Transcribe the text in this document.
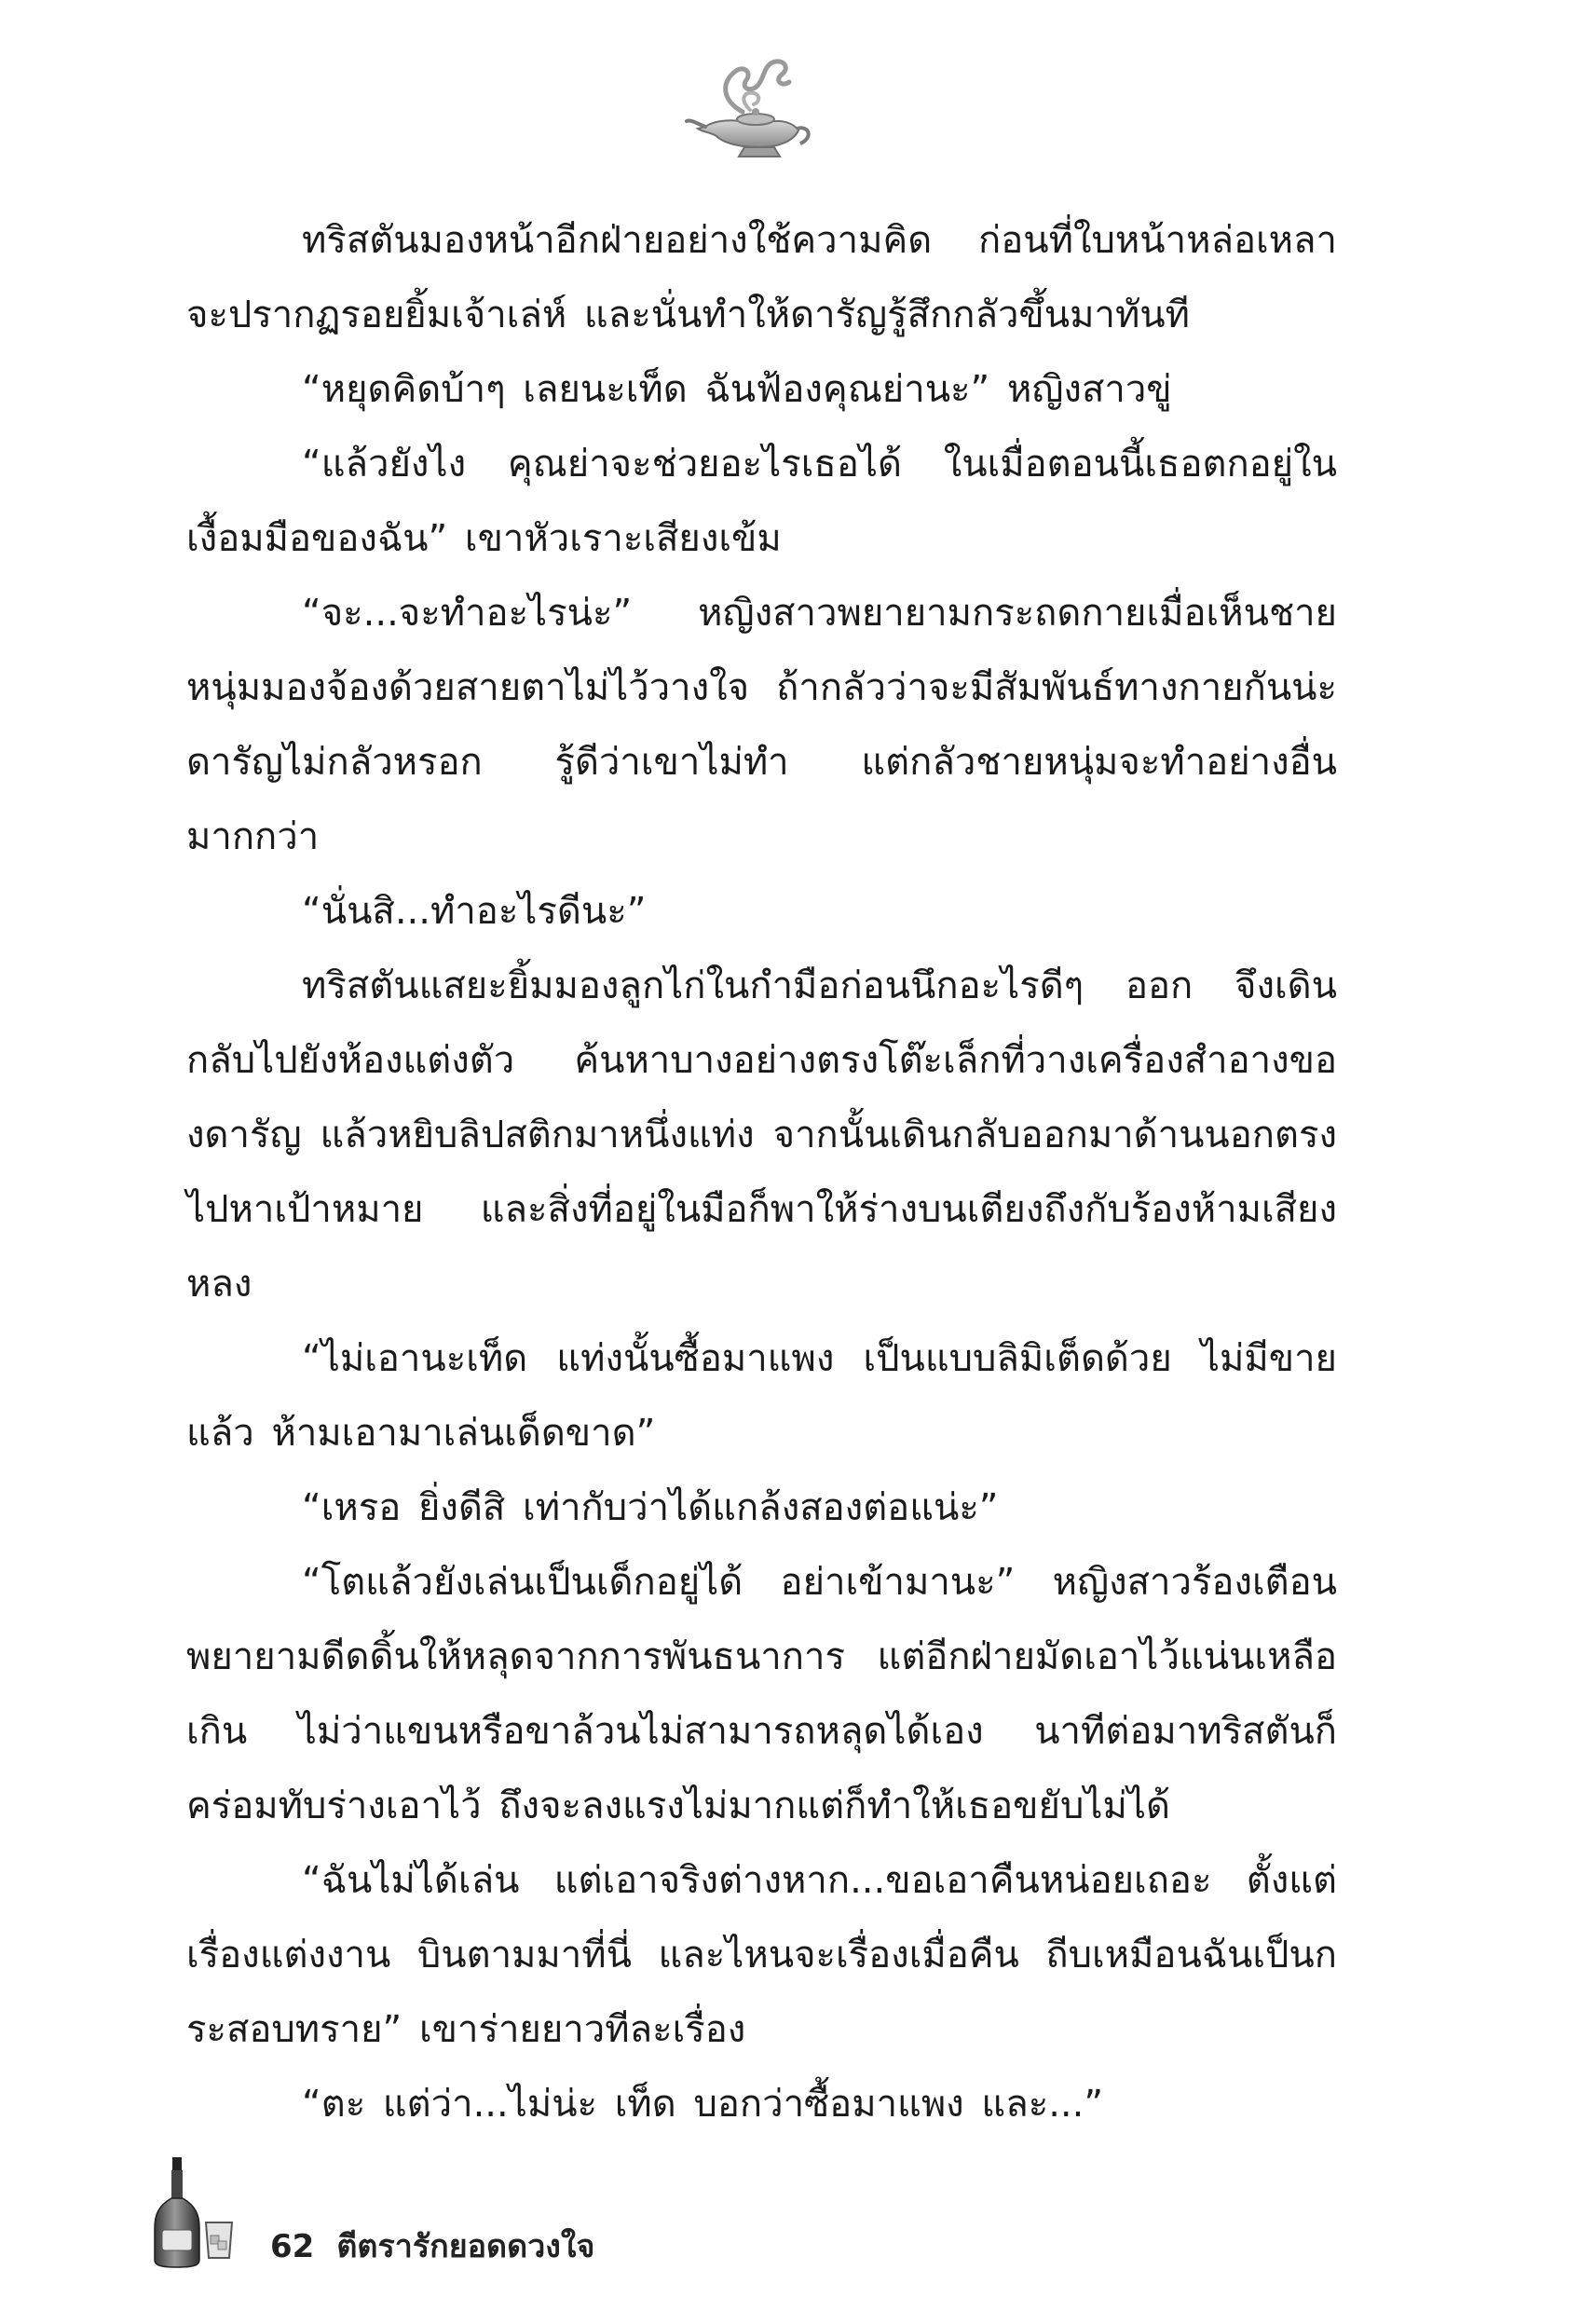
ทริสตันมองหน้าอีกฝ่ายอย่างใช้ความคิด ก่อนที่ใบหน้าหล่อเหลาจะปรากฏรอยยิ้มเจ้าเล่ห์ และนั่นทำให้ดารัญรู้สึกกลัวขึ้นมาทันที

“หยุดคิดบ้าๆ เลยนะเท็ด ฉันฟ้องคุณย่านะ” หญิงสาวขู่

“แล้วยังไง คุณย่าจะช่วยอะไรเธอได้ ในเมื่อตอนนี้เธอตกอยู่ในเงื้อมมือของฉัน” เขาหัวเราะเสียงเข้ม

“จะ...จะทำอะไรน่ะ” หญิงสาวพยายามกระถดกายเมื่อเห็นชายหนุ่มมองจ้องด้วยสายตาไม่ไว้วางใจ ถ้ากลัวว่าจะมีสัมพันธ์ทางกายกันน่ะ ดารัญไม่กลัวหรอก รู้ดีว่าเขาไม่ทำ แต่กลัวชายหนุ่มจะทำอย่างอื่นมากกว่า

“นั่นสิ...ทำอะไรดีนะ”

ทริสตันแสยะยิ้มมองลูกไก่ในกำมือก่อนนึกอะไรดีๆ ออก จึงเดินกลับไปยังห้องแต่งตัว ค้นหาบางอย่างตรงโต๊ะเล็กที่วางเครื่องสำอางของดารัญ แล้วหยิบลิปสติกมาหนึ่งแท่ง จากนั้นเดินกลับออกมาด้านนอกตรงไปหาเป้าหมาย และสิ่งที่อยู่ในมือก็พาให้ร่างบนเตียงถึงกับร้องห้ามเสียงหลง

“ไม่เอานะเท็ด แท่งนั้นซื้อมาแพง เป็นแบบลิมิเต็ดด้วย ไม่มีขายแล้ว ห้ามเอามาเล่นเด็ดขาด”

“เหรอ ยิ่งดีสิ เท่ากับว่าได้แกล้งสองต่อแน่ะ”

“โตแล้วยังเล่นเป็นเด็กอยู่ได้ อย่าเข้ามานะ” หญิงสาวร้องเตือนพยายามดีดดิ้นให้หลุดจากการพันธนาการ แต่อีกฝ่ายมัดเอาไว้แน่นเหลือเกิน ไม่ว่าแขนหรือขาล้วนไม่สามารถหลุดได้เอง นาทีต่อมาทริสตันก็คร่อมทับร่างเอาไว้ ถึงจะลงแรงไม่มากแต่ก็ทำให้เธอขยับไม่ได้

“ฉันไม่ได้เล่น แต่เอาจริงต่างหาก...ขอเอาคืนหน่อยเถอะ ตั้งแต่เรื่องแต่งงาน บินตามมาที่นี่ และไหนจะเรื่องเมื่อคืน ถีบเหมือนฉันเป็นกระสอบทราย” เขาร่ายยาวทีละเรื่อง

“ตะ แต่ว่า...ไม่น่ะ เท็ด บอกว่าซื้อมาแพง และ...”

62 ตีตรารักยอดดวงใจ
